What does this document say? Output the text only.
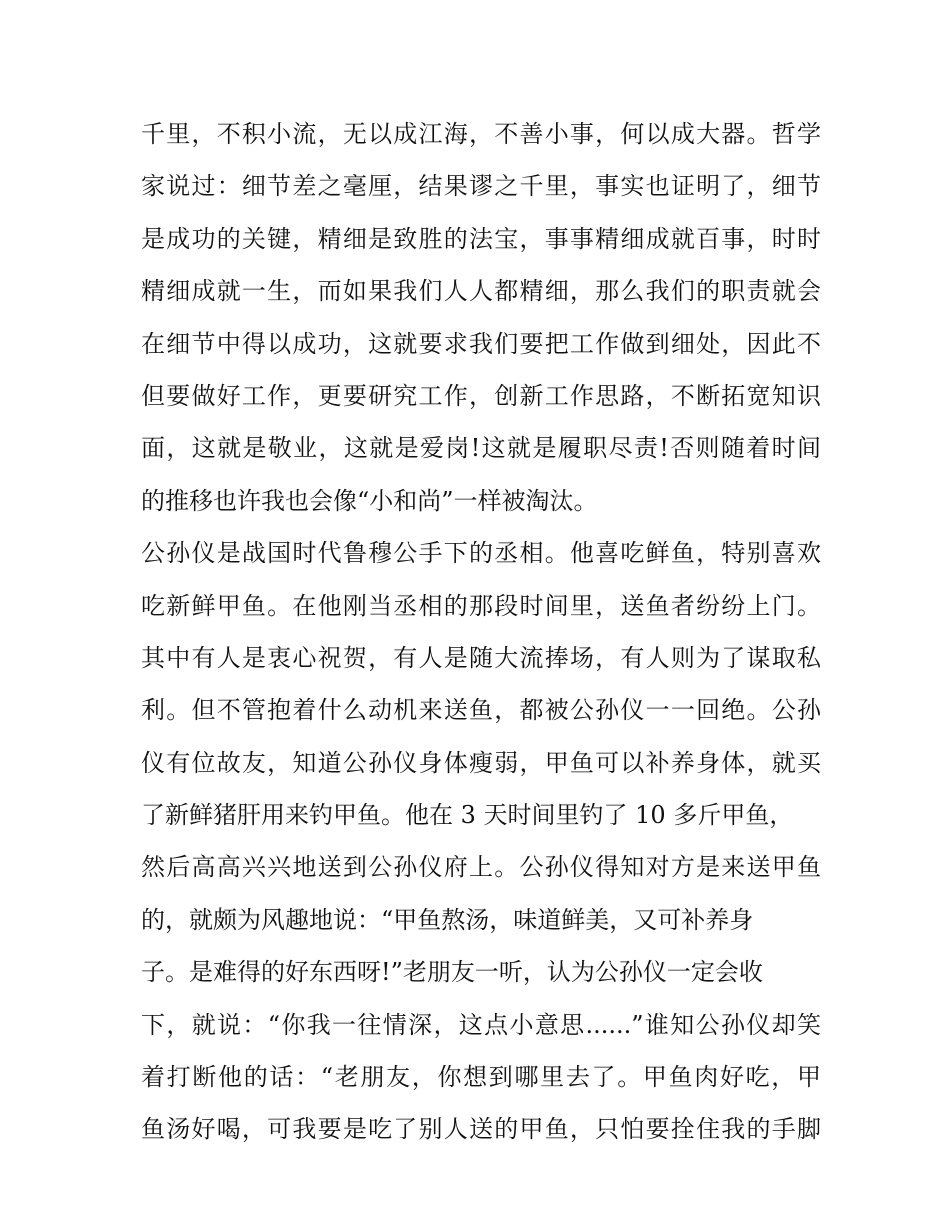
千里，不积小流，无以成江海，不善小事，何以成大器。哲学
家说过：细节差之毫厘，结果谬之千里，事实也证明了，细节
是成功的关键，精细是致胜的法宝，事事精细成就百事，时时
精细成就一生，而如果我们人人都精细，那么我们的职责就会
在细节中得以成功，这就要求我们要把工作做到细处，因此不
但要做好工作，更要研究工作，创新工作思路，不断拓宽知识
面，这就是敬业，这就是爱岗!这就是履职尽责!否则随着时间
的推移也许我也会像“小和尚”一样被淘汰。
公孙仪是战国时代鲁穆公手下的丞相。他喜吃鲜鱼，特别喜欢
吃新鲜甲鱼。在他刚当丞相的那段时间里，送鱼者纷纷上门。
其中有人是衷心祝贺，有人是随大流捧场，有人则为了谋取私
利。但不管抱着什么动机来送鱼，都被公孙仪一一回绝。公孙
仪有位故友，知道公孙仪身体瘦弱，甲鱼可以补养身体，就买
了新鲜猪肝用来钓甲鱼。他在 3 天时间里钓了 10 多斤甲鱼，
然后高高兴兴地送到公孙仪府上。公孙仪得知对方是来送甲鱼
的，就颇为风趣地说：“甲鱼熬汤，味道鲜美，又可补养身
子。是难得的好东西呀!”老朋友一听，认为公孙仪一定会收
下，就说：“你我一往情深，这点小意思......”谁知公孙仪却笑
着打断他的话：“老朋友，你想到哪里去了。甲鱼肉好吃，甲
鱼汤好喝，可我要是吃了别人送的甲鱼，只怕要拴住我的手脚
